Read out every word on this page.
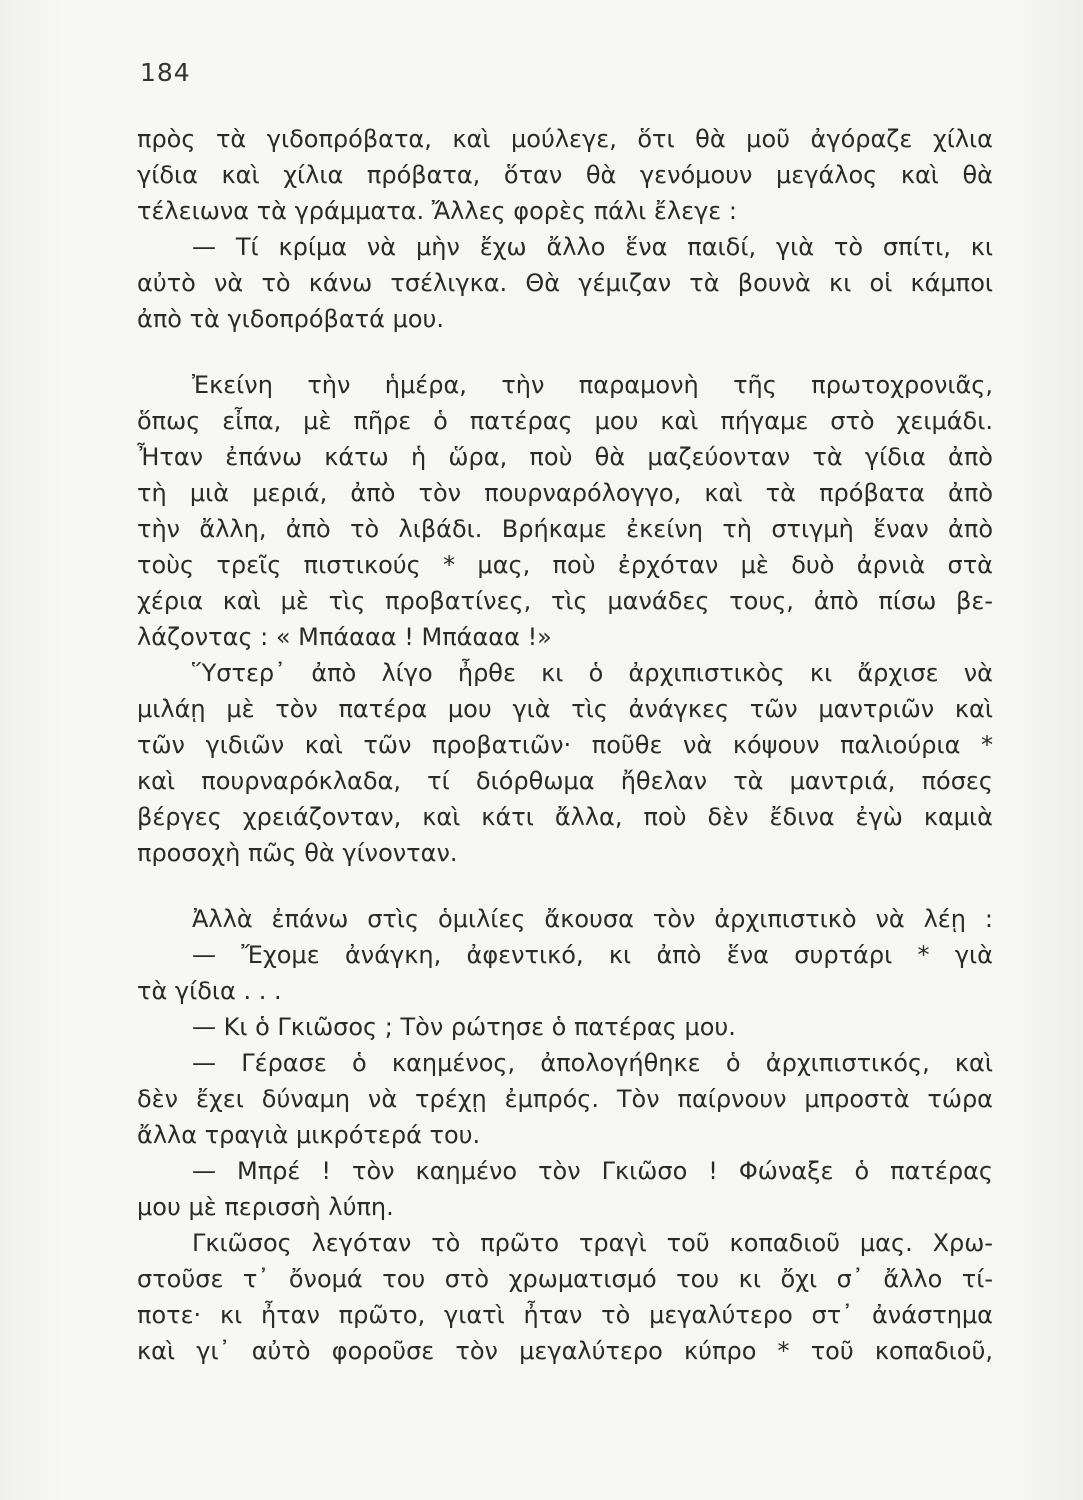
184
πρὸς τὰ γιδοπρόβατα, καὶ μούλεγε, ὅτι θὰ μοῦ ἀγόραζε χίλια
γίδια καὶ χίλια πρόβατα, ὅταν θὰ γενόμουν μεγάλος καὶ θὰ
τέλειωνα τὰ γράμματα. Ἄλλες φορὲς πάλι ἔλεγε :
— Τί κρίμα νὰ μὴν ἔχω ἄλλο ἕνα παιδί, γιὰ τὸ σπίτι, κι
αὐτὸ νὰ τὸ κάνω τσέλιγκα. Θὰ γέμιζαν τὰ βουνὰ κι οἱ κάμποι
ἀπὸ τὰ γιδοπρόβατά μου.
Ἐκείνη τὴν ἡμέρα, τὴν παραμονὴ τῆς πρωτοχρονιᾶς,
ὅπως εἶπα, μὲ πῆρε ὁ πατέρας μου καὶ πήγαμε στὸ χειμάδι.
Ἦταν ἐπάνω κάτω ἡ ὥρα, ποὺ θὰ μαζεύονταν τὰ γίδια ἀπὸ
τὴ μιὰ μεριά, ἀπὸ τὸν πουρναρόλογγο, καὶ τὰ πρόβατα ἀπὸ
τὴν ἄλλη, ἀπὸ τὸ λιβάδι. Βρήκαμε ἐκείνη τὴ στιγμὴ ἕναν ἀπὸ
τοὺς τρεῖς πιστικούς * μας, ποὺ ἐρχόταν μὲ δυὸ ἀρνιὰ στὰ
χέρια καὶ μὲ τὶς προβατίνες, τὶς μανάδες τους, ἀπὸ πίσω βε-
λάζοντας : « Μπάααα ! Μπάααα !»
Ὕστερ᾽ ἀπὸ λίγο ἦρθε κι ὁ ἀρχιπιστικὸς κι ἄρχισε νὰ
μιλάῃ μὲ τὸν πατέρα μου γιὰ τὶς ἀνάγκες τῶν μαντριῶν καὶ
τῶν γιδιῶν καὶ τῶν προβατιῶν· ποῦθε νὰ κόψουν παλιούρια *
καὶ πουρναρόκλαδα, τί διόρθωμα ἤθελαν τὰ μαντριά, πόσες
βέργες χρειάζονταν, καὶ κάτι ἄλλα, ποὺ δὲν ἔδινα ἐγὼ καμιὰ
προσοχὴ πῶς θὰ γίνονταν.
Ἀλλὰ ἐπάνω στὶς ὁμιλίες ἄκουσα τὸν ἀρχιπιστικὸ νὰ λέῃ :
— Ἔχομε ἀνάγκη, ἀφεντικό, κι ἀπὸ ἕνα συρτάρι * γιὰ
τὰ γίδια . . .
— Κι ὁ Γκιῶσος ; Τὸν ρώτησε ὁ πατέρας μου.
— Γέρασε ὁ καημένος, ἀπολογήθηκε ὁ ἀρχιπιστικός, καὶ
δὲν ἔχει δύναμη νὰ τρέχῃ ἐμπρός. Τὸν παίρνουν μπροστὰ τώρα
ἄλλα τραγιὰ μικρότερά του.
— Μπρέ ! τὸν καημένο τὸν Γκιῶσο ! Φώναξε ὁ πατέρας
μου μὲ περισσὴ λύπη.
Γκιῶσος λεγόταν τὸ πρῶτο τραγὶ τοῦ κοπαδιοῦ μας. Χρω-
στοῦσε τ᾽ ὄνομά του στὸ χρωματισμό του κι ὄχι σ᾽ ἄλλο τί-
ποτε· κι ἦταν πρῶτο, γιατὶ ἦταν τὸ μεγαλύτερο στ᾽ ἀνάστημα
καὶ γι᾽ αὐτὸ φοροῦσε τὸν μεγαλύτερο κύπρο * τοῦ κοπαδιοῦ,
